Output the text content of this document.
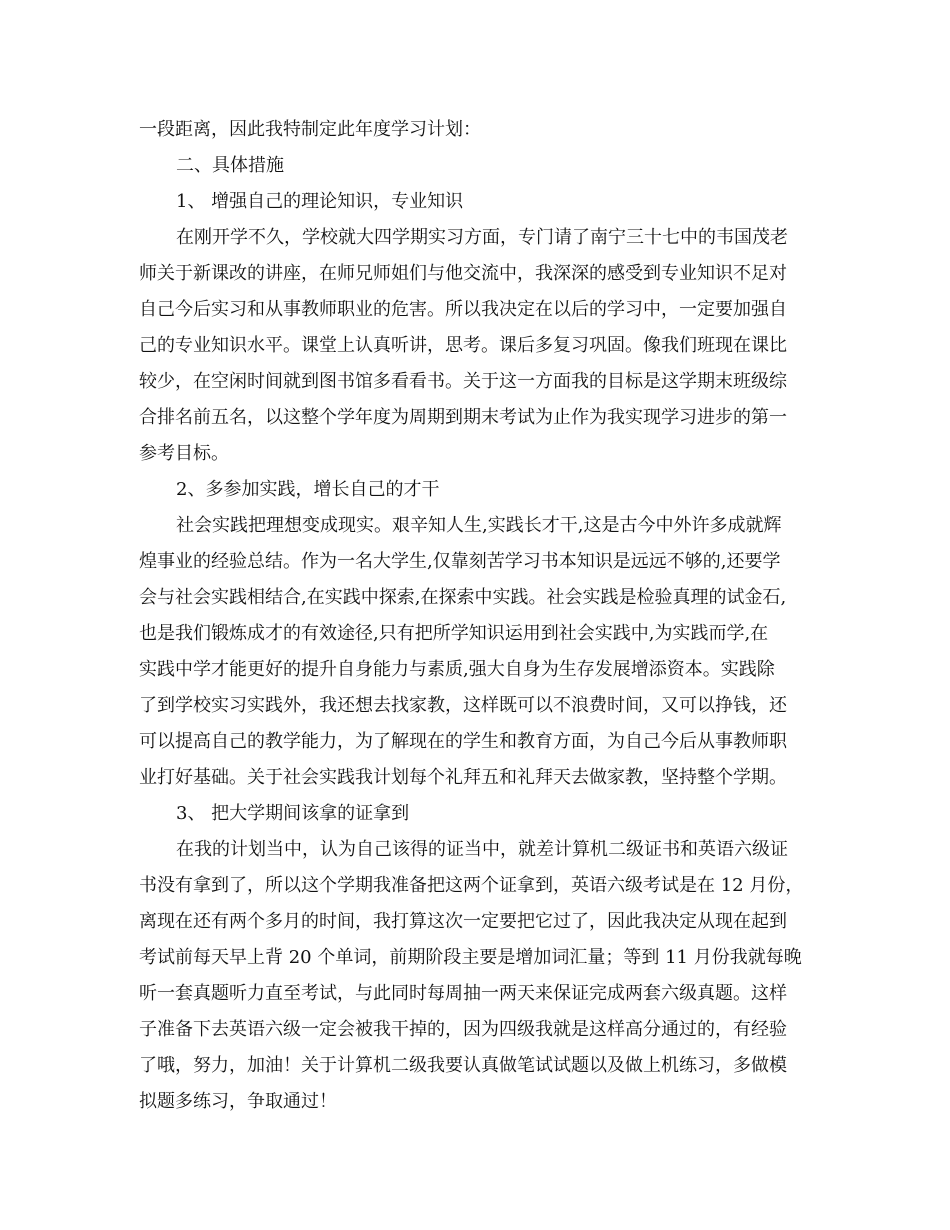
一段距离，因此我特制定此年度学习计划：
二、具体措施
1、 增强自己的理论知识，专业知识
在刚开学不久，学校就大四学期实习方面，专门请了南宁三十七中的韦国茂老
师关于新课改的讲座，在师兄师姐们与他交流中，我深深的感受到专业知识不足对
自己今后实习和从事教师职业的危害。所以我决定在以后的学习中，一定要加强自
己的专业知识水平。课堂上认真听讲，思考。课后多复习巩固。像我们班现在课比
较少，在空闲时间就到图书馆多看看书。关于这一方面我的目标是这学期末班级综
合排名前五名，以这整个学年度为周期到期末考试为止作为我实现学习进步的第一
参考目标。
2、多参加实践，增长自己的才干
社会实践把理想变成现实。艰辛知人生,实践长才干,这是古今中外许多成就辉
煌事业的经验总结。作为一名大学生,仅靠刻苦学习书本知识是远远不够的,还要学
会与社会实践相结合,在实践中探索,在探索中实践。社会实践是检验真理的试金石,
也是我们锻炼成才的有效途径,只有把所学知识运用到社会实践中,为实践而学,在
实践中学才能更好的提升自身能力与素质,强大自身为生存发展增添资本。实践除
了到学校实习实践外，我还想去找家教，这样既可以不浪费时间，又可以挣钱，还
可以提高自己的教学能力，为了解现在的学生和教育方面，为自己今后从事教师职
业打好基础。关于社会实践我计划每个礼拜五和礼拜天去做家教，坚持整个学期。
3、 把大学期间该拿的证拿到
在我的计划当中，认为自己该得的证当中，就差计算机二级证书和英语六级证
书没有拿到了，所以这个学期我准备把这两个证拿到，英语六级考试是在 12 月份，
离现在还有两个多月的时间，我打算这次一定要把它过了，因此我决定从现在起到
考试前每天早上背 20 个单词，前期阶段主要是增加词汇量；等到 11 月份我就每晚
听一套真题听力直至考试，与此同时每周抽一两天来保证完成两套六级真题。这样
子准备下去英语六级一定会被我干掉的，因为四级我就是这样高分通过的，有经验
了哦，努力，加油！关于计算机二级我要认真做笔试试题以及做上机练习，多做模
拟题多练习，争取通过！
